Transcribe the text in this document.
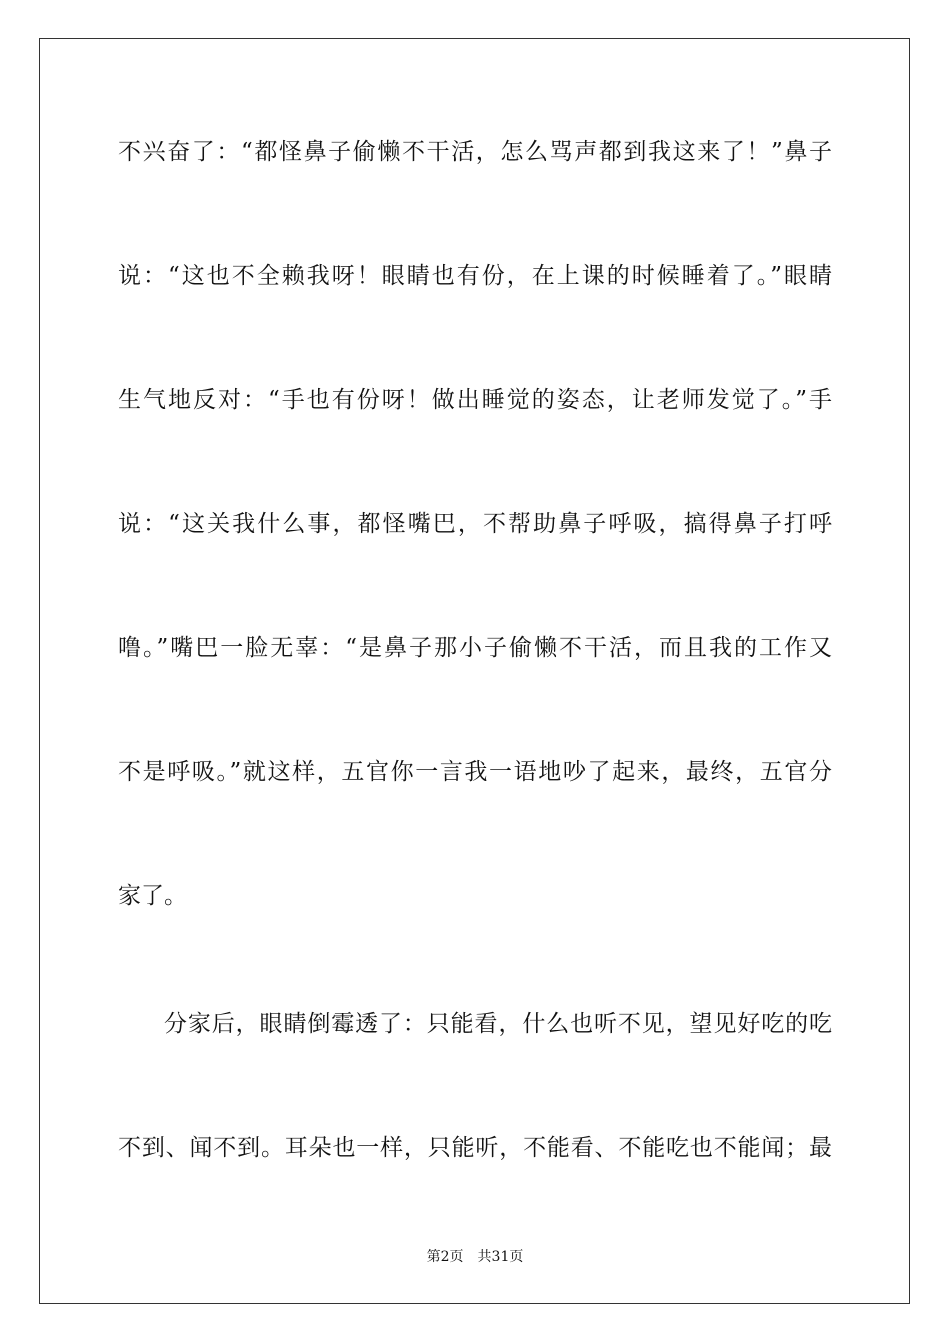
不兴奋了：“都怪鼻子偷懒不干活，怎么骂声都到我这来了！”鼻子
说：“这也不全赖我呀！眼睛也有份，在上课的时候睡着了。”眼睛
生气地反对：“手也有份呀！做出睡觉的姿态，让老师发觉了。”手
说：“这关我什么事，都怪嘴巴，不帮助鼻子呼吸，搞得鼻子打呼
噜。”嘴巴一脸无辜：“是鼻子那小子偷懒不干活，而且我的工作又
不是呼吸。”就这样，五官你一言我一语地吵了起来，最终，五官分
家了。
分家后，眼睛倒霉透了：只能看，什么也听不见，望见好吃的吃
不到、闻不到。耳朵也一样，只能听，不能看、不能吃也不能闻；最
第2页 共31页
